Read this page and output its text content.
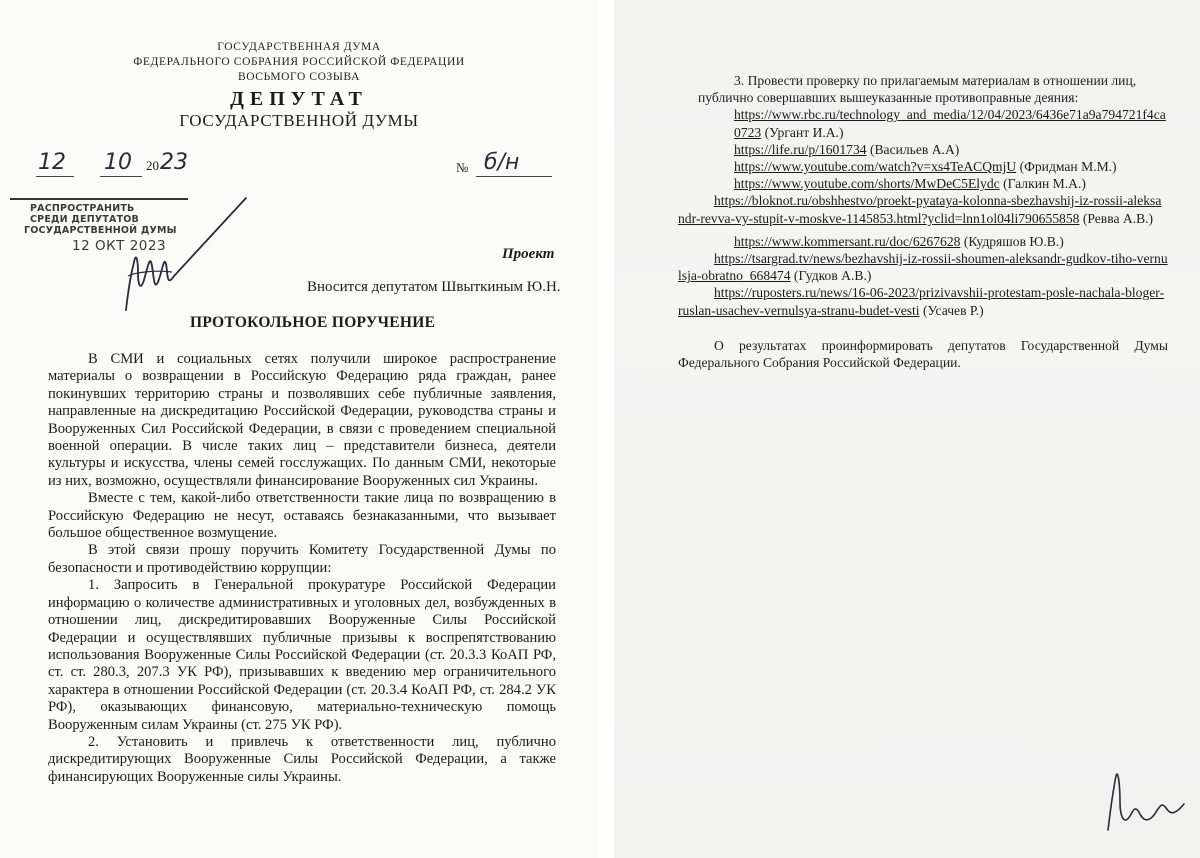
ГОСУДАРСТВЕННАЯ ДУМА
ФЕДЕРАЛЬНОГО СОБРАНИЯ РОССИЙСКОЙ ФЕДЕРАЦИИ
ВОСЬМОГО СОЗЫВА
ДЕПУТАТ
ГОСУДАРСТВЕННОЙ ДУМЫ
12 10 20 23	№ б/н
РАСПРОСТРАНИТЬ
СРЕДИ ДЕПУТАТОВ
ГОСУДАРСТВЕННОЙ ДУМЫ
12 ОКТ 2023	Проект
Вносится депутатом Швыткиным Ю.Н.
ПРОТОКОЛЬНОЕ ПОРУЧЕНИЕ

В СМИ и социальных сетях получили широкое распространение материалы о возвращении в Российскую Федерацию ряда граждан, ранее покинувших территорию страны и позволявших себе публичные заявления, направленные на дискредитацию Российской Федерации, руководства страны и Вооруженных Сил Российской Федерации, в связи с проведением специальной военной операции. В числе таких лиц – представители бизнеса, деятели культуры и искусства, члены семей госслужащих. По данным СМИ, некоторые из них, возможно, осуществляли финансирование Вооруженных сил Украины.

Вместе с тем, какой-либо ответственности такие лица по возвращению в Российскую Федерацию не несут, оставаясь безнаказанными, что вызывает большое общественное возмущение.

В этой связи прошу поручить Комитету Государственной Думы по безопасности и противодействию коррупции:

1. Запросить в Генеральной прокуратуре Российской Федерации информацию о количестве административных и уголовных дел, возбужденных в отношении лиц, дискредитировавших Вооруженные Силы Российской Федерации и осуществлявших публичные призывы к воспрепятствованию использования Вооруженные Силы Российской Федерации (ст. 20.3.3 КоАП РФ, ст. ст. 280.3, 207.3 УК РФ), призывавших к введению мер ограничительного характера в отношении Российской Федерации (ст. 20.3.4 КоАП РФ, ст. 284.2 УК РФ), оказывающих финансовую, материально-техническую помощь Вооруженным силам Украины (ст. 275 УК РФ).

2. Установить и привлечь к ответственности лиц, публично дискредитирующих Вооруженные Силы Российской Федерации, а также финансирующих Вооруженные силы Украины.

3. Провести проверку по прилагаемым материалам в отношении лиц, публично совершавших вышеуказанные противоправные деяния:

https://www.rbc.ru/technology_and_media/12/04/2023/6436e71a9a794721f4ca0723 (Ургант И.А.)

https://life.ru/p/1601734 (Васильев А.А)

https://www.youtube.com/watch?v=xs4TeACQmjU (Фридман М.М.)

https://www.youtube.com/shorts/MwDeC5Elydc (Галкин М.А.)

https://bloknot.ru/obshhestvo/proekt-pyataya-kolonna-sbezhavshij-iz-rossii-aleksandr-revva-vy-stupit-v-moskve-1145853.html?yclid=lnn1ol04li790655858 (Ревва А.В.)

https://www.kommersant.ru/doc/6267628 (Кудряшов Ю.В.)

https://tsargrad.tv/news/bezhavshij-iz-rossii-shoumen-aleksandr-gudkov-tiho-vernulsja-obratno_668474 (Гудков А.В.)

https://ruposters.ru/news/16-06-2023/prizivavshii-protestam-posle-nachala-bloger-ruslan-usachev-vernulsya-stranu-budet-vesti (Усачев Р.)

О результатах проинформировать депутатов Государственной Думы Федерального Собрания Российской Федерации.
